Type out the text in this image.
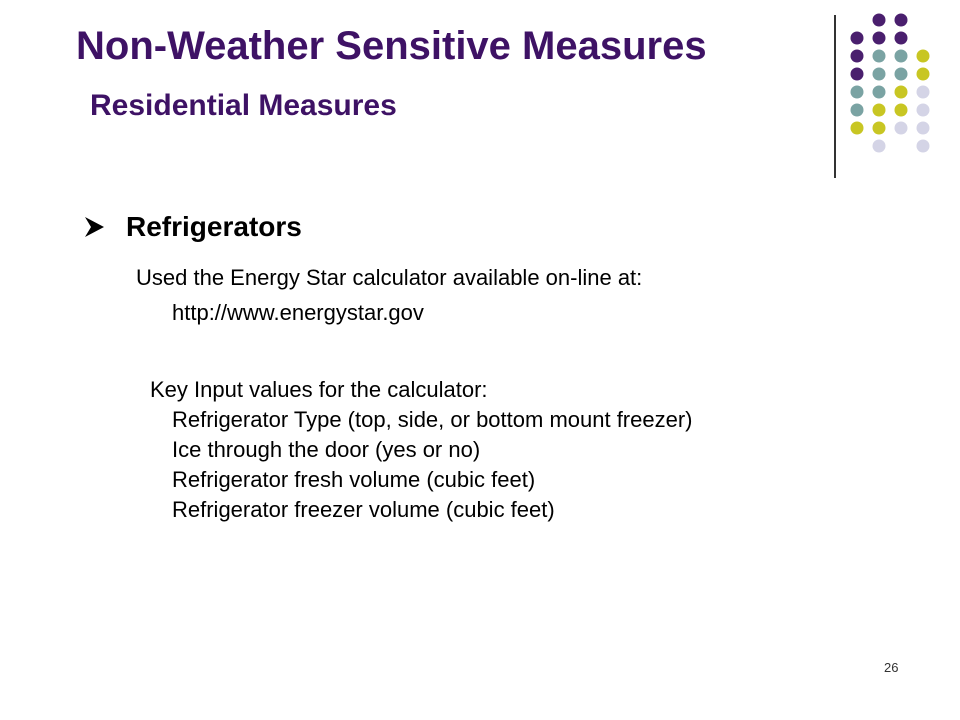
Non-Weather Sensitive Measures
Residential Measures
Refrigerators
Used the Energy Star calculator available on-line at:
http://www.energystar.gov
Key Input values for the calculator:
Refrigerator Type (top, side, or bottom mount freezer)
Ice through the door (yes or no)
Refrigerator fresh volume (cubic feet)
Refrigerator freezer volume (cubic feet)
26
